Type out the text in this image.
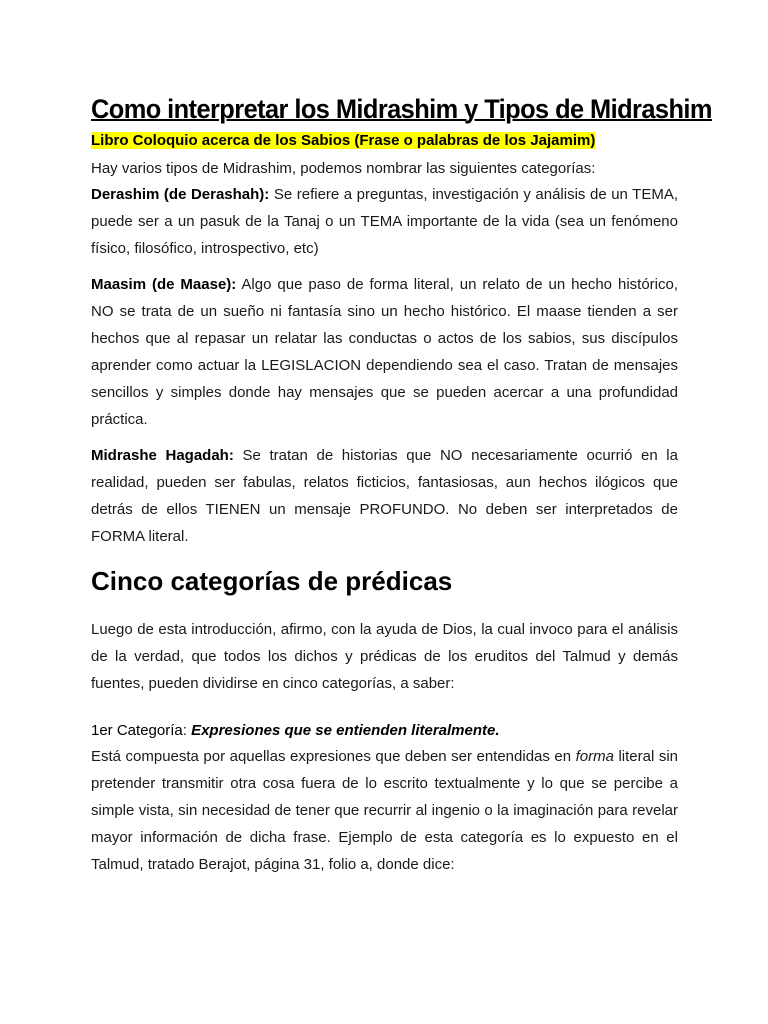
Como interpretar los Midrashim y Tipos de Midrashim
Libro Coloquio acerca de los Sabios (Frase o palabras de los Jajamim)

Hay varios tipos de Midrashim, podemos nombrar las siguientes categorías:

Derashim (de Derashah): Se refiere a preguntas, investigación y análisis de un TEMA, puede ser a un pasuk de la Tanaj o un TEMA importante de la vida (sea un fenómeno físico, filosófico, introspectivo, etc)

Maasim (de Maase): Algo que paso de forma literal, un relato de un hecho histórico, NO se trata de un sueño ni fantasía sino un hecho histórico. El maase tienden a ser hechos que al repasar un relatar las conductas o actos de los sabios, sus discípulos aprender como actuar la LEGISLACION dependiendo sea el caso. Tratan de mensajes sencillos y simples donde hay mensajes que se pueden acercar a una profundidad práctica.

Midrashe Hagadah: Se tratan de historias que NO necesariamente ocurrió en la realidad, pueden ser fabulas, relatos ficticios, fantasiosas, aun hechos ilógicos que detrás de ellos TIENEN un mensaje PROFUNDO. No deben ser interpretados de FORMA literal.

Cinco categorías de prédicas

Luego de esta introducción, afirmo, con la ayuda de Dios, la cual invoco para el análisis de la verdad, que todos los dichos y prédicas de los eruditos del Talmud y demás fuentes, pueden dividirse en cinco categorías, a saber:

1er Categoría: Expresiones que se entienden literalmente.

Está compuesta por aquellas expresiones que deben ser entendidas en forma literal sin pretender transmitir otra cosa fuera de lo escrito textualmente y lo que se percibe a simple vista, sin necesidad de tener que recurrir al ingenio o la imaginación para revelar mayor información de dicha frase. Ejemplo de esta categoría es lo expuesto en el Talmud, tratado Berajot, página 31, folio a, donde dice:
